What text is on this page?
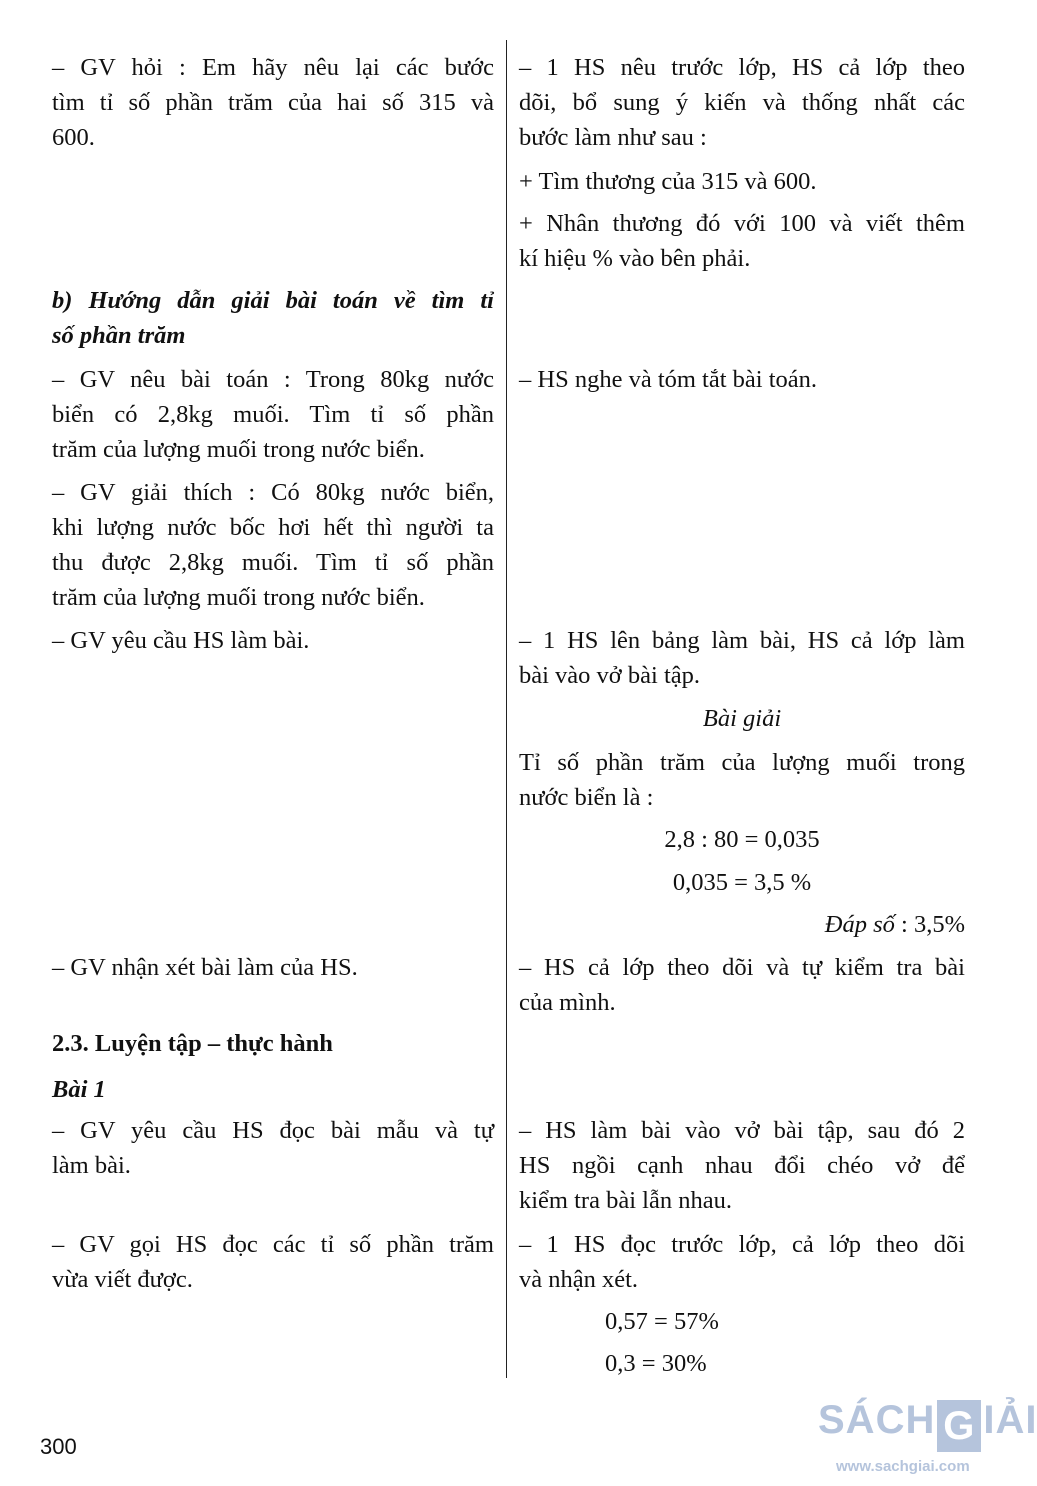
– GV hỏi : Em hãy nêu lại các bước
tìm tỉ số phần trăm của hai số 315 và
600.
b) Hướng dẫn giải bài toán về tìm tỉ
số phần trăm
– GV nêu bài toán : Trong 80kg nước
biển có 2,8kg muối. Tìm tỉ số phần
trăm của lượng muối trong nước biển.
– GV giải thích : Có 80kg nước biển,
khi lượng nước bốc hơi hết thì người ta
thu được 2,8kg muối. Tìm tỉ số phần
trăm của lượng muối trong nước biển.
– GV yêu cầu HS làm bài.
– GV nhận xét bài làm của HS.
2.3. Luyện tập – thực hành
Bài 1
– GV yêu cầu HS đọc bài mẫu và tự
làm bài.
– GV gọi HS đọc các tỉ số phần trăm
vừa viết được.
– 1 HS nêu trước lớp, HS cả lớp theo
dõi, bổ sung ý kiến và thống nhất các
bước làm như sau :
+ Tìm thương của 315 và 600.
+ Nhân thương đó với 100 và viết thêm
kí hiệu % vào bên phải.
– HS nghe và tóm tắt bài toán.
– 1 HS lên bảng làm bài, HS cả lớp làm
bài vào vở bài tập.
Bài giải
Tỉ số phần trăm của lượng muối trong
nước biển là :
2,8 : 80 = 0,035
0,035 = 3,5 %
Đáp số : 3,5%
– HS cả lớp theo dõi và tự kiểm tra bài
của mình.
– HS làm bài vào vở bài tập, sau đó 2
HS ngồi cạnh nhau đổi chéo vở để
kiểm tra bài lẫn nhau.
– 1 HS đọc trước lớp, cả lớp theo dõi
và nhận xét.
0,57 = 57%
0,3 = 30%
300
SÁCH G IẢI
www.sachgiai.com
